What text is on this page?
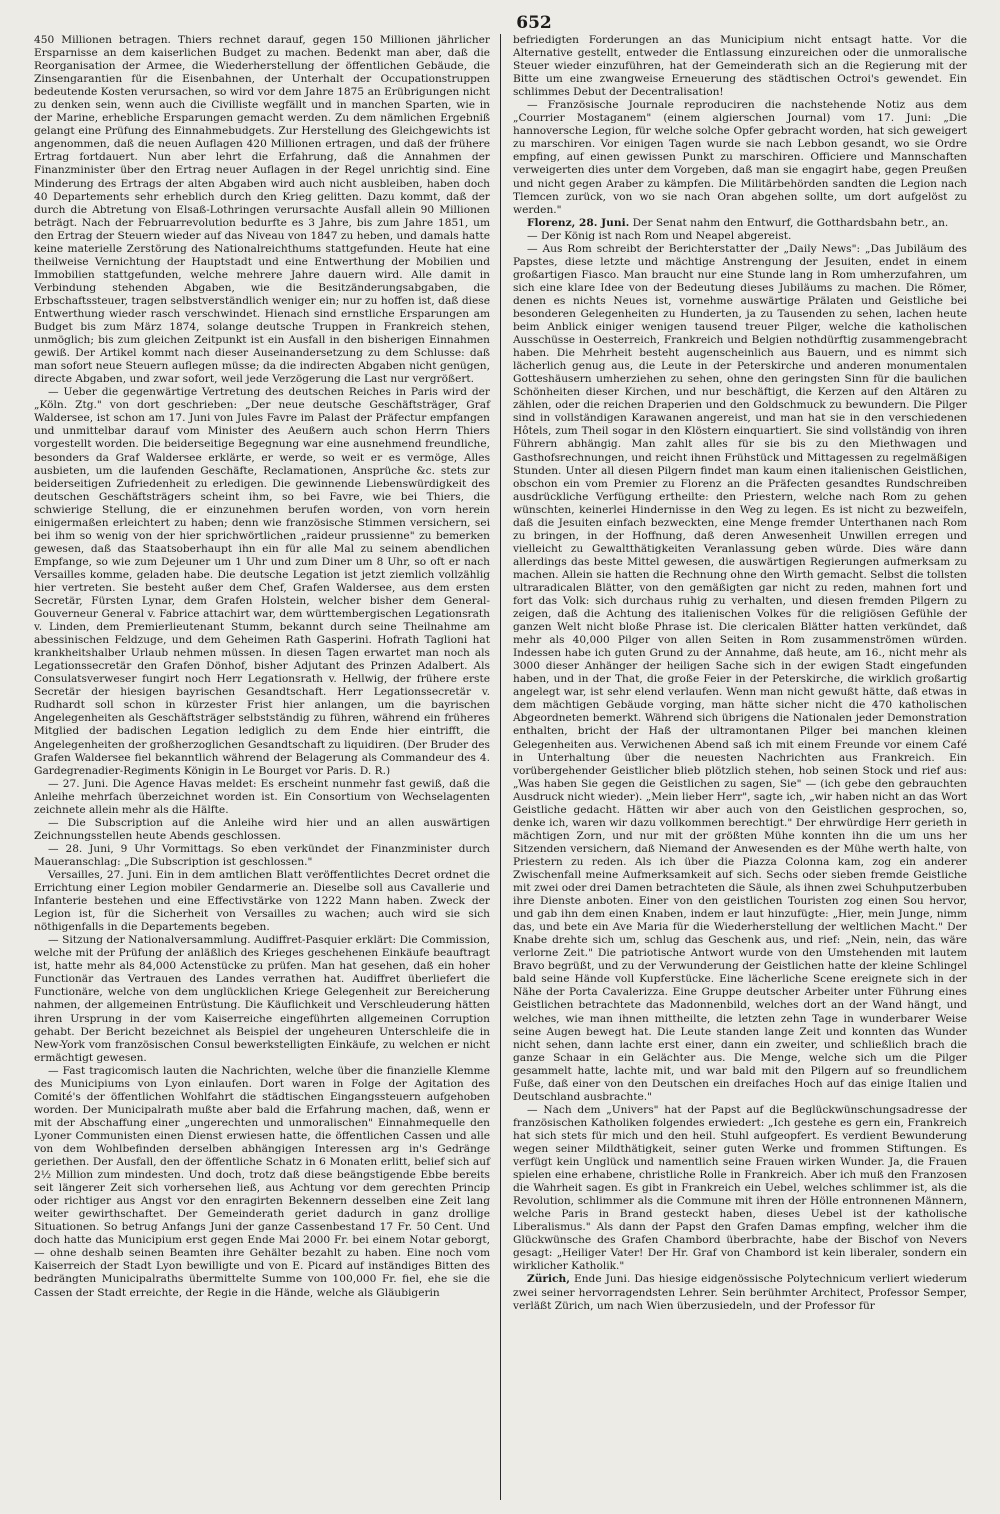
652

450 Millionen betragen. Thiers rechnet darauf, gegen 150 Millionen jährlicher Ersparnisse an dem kaiserlichen Budget zu machen. Bedenkt man aber, daß die Reorganisation der Armee, die Wiederherstellung der öffentlichen Gebäude, die Zinsengarantien für die Eisenbahnen, der Unterhalt der Occupationstruppen bedeutende Kosten verursachen, so wird vor dem Jahre 1875 an Erübrigungen nicht zu denken sein, wenn auch die Civilliste wegfällt und in manchen Sparten, wie in der Marine, erhebliche Ersparungen gemacht werden. Zu dem nämlichen Ergebniß gelangt eine Prüfung des Einnahmebudgets. Zur Herstellung des Gleichgewichts ist angenommen, daß die neuen Auflagen 420 Millionen ertragen, und daß der frühere Ertrag fortdauert. Nun aber lehrt die Erfahrung, daß die Annahmen der Finanzminister über den Ertrag neuer Auflagen in der Regel unrichtig sind. Eine Minderung des Ertrags der alten Abgaben wird auch nicht ausbleiben, haben doch 40 Departements sehr erheblich durch den Krieg gelitten. Dazu kommt, daß der durch die Abtretung von Elsaß-Lothringen verursachte Ausfall allein 90 Millionen beträgt. Nach der Februarrevolution bedurfte es 3 Jahre, bis zum Jahre 1851, um den Ertrag der Steuern wieder auf das Niveau von 1847 zu heben, und damals hatte keine materielle Zerstörung des Nationalreichthums stattgefunden. Heute hat eine theilweise Vernichtung der Hauptstadt und eine Entwerthung der Mobilien und Immobilien stattgefunden, welche mehrere Jahre dauern wird. Alle damit in Verbindung stehenden Abgaben, wie die Besitzänderungsabgaben, die Erbschaftssteuer, tragen selbstverständlich weniger ein; nur zu hoffen ist, daß diese Entwerthung wieder rasch verschwindet. Hienach sind ernstliche Ersparungen am Budget bis zum März 1874, solange deutsche Truppen in Frankreich stehen, unmöglich; bis zum gleichen Zeitpunkt ist ein Ausfall in den bisherigen Einnahmen gewiß. Der Artikel kommt nach dieser Auseinandersetzung zu dem Schlusse: daß man sofort neue Steuern auflegen müsse; da die indirecten Abgaben nicht genügen, directe Abgaben, und zwar sofort, weil jede Verzögerung die Last nur vergrößert.

— Ueber die gegenwärtige Vertretung des deutschen Reiches in Paris wird der „Köln. Ztg." von dort geschrieben: „Der neue deutsche Geschäftsträger, Graf Waldersee, ist schon am 17. Juni von Jules Favre im Palast der Präfectur empfangen und unmittelbar darauf vom Minister des Aeußern auch schon Herrn Thiers vorgestellt worden. Die beiderseitige Begegnung war eine ausnehmend freundliche, besonders da Graf Waldersee erklärte, er werde, so weit er es vermöge, Alles ausbieten, um die laufenden Geschäfte, Reclamationen, Ansprüche &c. stets zur beiderseitigen Zufriedenheit zu erledigen. Die gewinnende Liebenswürdigkeit des deutschen Geschäftsträgers scheint ihm, so bei Favre, wie bei Thiers, die schwierige Stellung, die er einzunehmen berufen worden, von vorn herein einigermaßen erleichtert zu haben; denn wie französische Stimmen versichern, sei bei ihm so wenig von der hier sprichwörtlichen „raideur prussienne" zu bemerken gewesen, daß das Staatsoberhaupt ihn ein für alle Mal zu seinem abendlichen Empfange, so wie zum Dejeuner um 1 Uhr und zum Diner um 8 Uhr, so oft er nach Versailles komme, geladen habe. Die deutsche Legation ist jetzt ziemlich vollzählig hier vertreten. Sie besteht außer dem Chef, Grafen Waldersee, aus dem ersten Secretär, Fürsten Lynar, dem Grafen Holstein, welcher bisher dem General-Gouverneur General v. Fabrice attachirt war, dem württembergischen Legationsrath v. Linden, dem Premierlieutenant Stumm, bekannt durch seine Theilnahme am abessinischen Feldzuge, und dem Geheimen Rath Gasperini. Hofrath Taglioni hat krankheitshalber Urlaub nehmen müssen. In diesen Tagen erwartet man noch als Legationssecretär den Grafen Dönhof, bisher Adjutant des Prinzen Adalbert. Als Consulatsverweser fungirt noch Herr Legationsrath v. Hellwig, der frühere erste Secretär der hiesigen bayrischen Gesandtschaft. Herr Legationssecretär v. Rudhardt soll schon in kürzester Frist hier anlangen, um die bayrischen Angelegenheiten als Geschäftsträger selbstständig zu führen, während ein früheres Mitglied der badischen Legation lediglich zu dem Ende hier eintrifft, die Angelegenheiten der großherzoglichen Gesandtschaft zu liquidiren. (Der Bruder des Grafen Waldersee fiel bekanntlich während der Belagerung als Commandeur des 4. Gardegrenadier-Regiments Königin in Le Bourget vor Paris. D. R.)

— 27. Juni. Die Agence Havas meldet: Es erscheint nunmehr fast gewiß, daß die Anleihe mehrfach überzeichnet worden ist. Ein Consortium von Wechselagenten zeichnete allein mehr als die Hälfte.

— Die Subscription auf die Anleihe wird hier und an allen auswärtigen Zeichnungsstellen heute Abends geschlossen.

— 28. Juni, 9 Uhr Vormittags. So eben verkündet der Finanzminister durch Maueranschlag: „Die Subscription ist geschlossen."

Versailles, 27. Juni. Ein in dem amtlichen Blatt veröffentlichtes Decret ordnet die Errichtung einer Legion mobiler Gendarmerie an. Dieselbe soll aus Cavallerie und Infanterie bestehen und eine Effectivstärke von 1222 Mann haben. Zweck der Legion ist, für die Sicherheit von Versailles zu wachen; auch wird sie sich nöthigenfalls in die Departements begeben.

— Sitzung der Nationalversammlung. Audiffret-Pasquier erklärt: Die Commission, welche mit der Prüfung der anläßlich des Krieges geschehenen Einkäufe beauftragt ist, hatte mehr als 84,000 Actenstücke zu prüfen. Man hat gesehen, daß ein hoher Functionär das Vertrauen des Landes verrathen hat. Audiffret überliefert die Functionäre, welche von dem unglücklichen Kriege Gelegenheit zur Bereicherung nahmen, der allgemeinen Entrüstung. Die Käuflichkeit und Verschleuderung hätten ihren Ursprung in der vom Kaiserreiche eingeführten allgemeinen Corruption gehabt. Der Bericht bezeichnet als Beispiel der ungeheuren Unterschleife die in New-York vom französischen Consul bewerkstelligten Einkäufe, zu welchen er nicht ermächtigt gewesen.

— Fast tragicomisch lauten die Nachrichten, welche über die finanzielle Klemme des Municipiums von Lyon einlaufen. Dort waren in Folge der Agitation des Comité's der öffentlichen Wohlfahrt die städtischen Eingangssteuern aufgehoben worden. Der Municipalrath mußte aber bald die Erfahrung machen, daß, wenn er mit der Abschaffung einer „ungerechten und unmoralischen" Einnahmequelle den Lyoner Communisten einen Dienst erwiesen hatte, die öffentlichen Cassen und alle von dem Wohlbefinden derselben abhängigen Interessen arg in's Gedränge geriethen. Der Ausfall, den der öffentliche Schatz in 6 Monaten erlitt, belief sich auf 2½ Million zum mindesten. Und doch, trotz daß diese beängstigende Ebbe bereits seit längerer Zeit sich vorhersehen ließ, aus Achtung vor dem gerechten Princip oder richtiger aus Angst vor den enragirten Bekennern desselben eine Zeit lang weiter gewirthschaftet. Der Gemeinderath geriet dadurch in ganz drollige Situationen. So betrug Anfangs Juni der ganze Cassenbestand 17 Fr. 50 Cent. Und doch hatte das Municipium erst gegen Ende Mai 2000 Fr. bei einem Notar geborgt, — ohne deshalb seinen Beamten ihre Gehälter bezahlt zu haben. Eine noch vom Kaiserreich der Stadt Lyon bewilligte und von E. Picard auf inständiges Bitten des bedrängten Municipalraths übermittelte Summe von 100,000 Fr. fiel, ehe sie die Cassen der Stadt erreichte, der Regie in die Hände, welche als Gläubigerin

befriedigten Forderungen an das Municipium nicht entsagt hatte. Vor die Alternative gestellt, entweder die Entlassung einzureichen oder die unmoralische Steuer wieder einzuführen, hat der Gemeinderath sich an die Regierung mit der Bitte um eine zwangweise Erneuerung des städtischen Octroi's gewendet. Ein schlimmes Debut der Decentralisation!

— Französische Journale reproduciren die nachstehende Notiz aus dem „Courrier Mostaganem" (einem algierschen Journal) vom 17. Juni: „Die hannoversche Legion, für welche solche Opfer gebracht worden, hat sich geweigert zu marschiren. Vor einigen Tagen wurde sie nach Lebbon gesandt, wo sie Ordre empfing, auf einen gewissen Punkt zu marschiren. Officiere und Mannschaften verweigerten dies unter dem Vorgeben, daß man sie engagirt habe, gegen Preußen und nicht gegen Araber zu kämpfen. Die Militärbehörden sandten die Legion nach Tlemcen zurück, von wo sie nach Oran abgehen sollte, um dort aufgelöst zu werden."

Florenz, 28. Juni. Der Senat nahm den Entwurf, die Gotthardsbahn betr., an.

— Der König ist nach Rom und Neapel abgereist.

— Aus Rom schreibt der Berichterstatter der „Daily News": „Das Jubiläum des Papstes, diese letzte und mächtige Anstrengung der Jesuiten, endet in einem großartigen Fiasco. Man braucht nur eine Stunde lang in Rom umherzufahren, um sich eine klare Idee von der Bedeutung dieses Jubiläums zu machen. Die Römer, denen es nichts Neues ist, vornehme auswärtige Prälaten und Geistliche bei besonderen Gelegenheiten zu Hunderten, ja zu Tausenden zu sehen, lachen heute beim Anblick einiger wenigen tausend treuer Pilger, welche die katholischen Ausschüsse in Oesterreich, Frankreich und Belgien nothdürftig zusammengebracht haben. Die Mehrheit besteht augenscheinlich aus Bauern, und es nimmt sich lächerlich genug aus, die Leute in der Peterskirche und anderen monumentalen Gotteshäusern umherziehen zu sehen, ohne den geringsten Sinn für die baulichen Schönheiten dieser Kirchen, und nur beschäftigt, die Kerzen auf den Altären zu zählen, oder die reichen Draperien und den Goldschmuck zu bewundern. Die Pilger sind in vollständigen Karawanen angereist, und man hat sie in den verschiedenen Hôtels, zum Theil sogar in den Klöstern einquartiert. Sie sind vollständig von ihren Führern abhängig. Man zahlt alles für sie bis zu den Miethwagen und Gasthofsrechnungen, und reicht ihnen Frühstück und Mittagessen zu regelmäßigen Stunden. Unter all diesen Pilgern findet man kaum einen italienischen Geistlichen, obschon ein vom Premier zu Florenz an die Präfecten gesandtes Rundschreiben ausdrückliche Verfügung ertheilte: den Priestern, welche nach Rom zu gehen wünschten, keinerlei Hindernisse in den Weg zu legen. Es ist nicht zu bezweifeln, daß die Jesuiten einfach bezweckten, eine Menge fremder Unterthanen nach Rom zu bringen, in der Hoffnung, daß deren Anwesenheit Unwillen erregen und vielleicht zu Gewaltthätigkeiten Veranlassung geben würde. Dies wäre dann allerdings das beste Mittel gewesen, die auswärtigen Regierungen aufmerksam zu machen. Allein sie hatten die Rechnung ohne den Wirth gemacht. Selbst die tollsten ultraradicalen Blätter, von den gemäßigten gar nicht zu reden, mahnen fort und fort das Volk: sich durchaus ruhig zu verhalten, und diesen fremden Pilgern zu zeigen, daß die Achtung des italienischen Volkes für die religiösen Gefühle der ganzen Welt nicht bloße Phrase ist. Die clericalen Blätter hatten verkündet, daß mehr als 40,000 Pilger von allen Seiten in Rom zusammenströmen würden. Indessen habe ich guten Grund zu der Annahme, daß heute, am 16., nicht mehr als 3000 dieser Anhänger der heiligen Sache sich in der ewigen Stadt eingefunden haben, und in der That, die große Feier in der Peterskirche, die wirklich großartig angelegt war, ist sehr elend verlaufen. Wenn man nicht gewußt hätte, daß etwas in dem mächtigen Gebäude vorging, man hätte sicher nicht die 470 katholischen Abgeordneten bemerkt. Während sich übrigens die Nationalen jeder Demonstration enthalten, bricht der Haß der ultramontanen Pilger bei manchen kleinen Gelegenheiten aus. Verwichenen Abend saß ich mit einem Freunde vor einem Café in Unterhaltung über die neuesten Nachrichten aus Frankreich. Ein vorübergehender Geistlicher blieb plötzlich stehen, hob seinen Stock und rief aus: „Was haben Sie gegen die Geistlichen zu sagen, Sie" — (ich gebe den gebrauchten Ausdruck nicht wieder). „Mein lieber Herr", sagte ich, „wir haben nicht an das Wort Geistliche gedacht. Hätten wir aber auch von den Geistlichen gesprochen, so, denke ich, waren wir dazu vollkommen berechtigt." Der ehrwürdige Herr gerieth in mächtigen Zorn, und nur mit der größten Mühe konnten ihn die um uns her Sitzenden versichern, daß Niemand der Anwesenden es der Mühe werth halte, von Priestern zu reden. Als ich über die Piazza Colonna kam, zog ein anderer Zwischenfall meine Aufmerksamkeit auf sich. Sechs oder sieben fremde Geistliche mit zwei oder drei Damen betrachteten die Säule, als ihnen zwei Schuhputzerbuben ihre Dienste anboten. Einer von den geistlichen Touristen zog einen Sou hervor, und gab ihn dem einen Knaben, indem er laut hinzufügte: „Hier, mein Junge, nimm das, und bete ein Ave Maria für die Wiederherstellung der weltlichen Macht." Der Knabe drehte sich um, schlug das Geschenk aus, und rief: „Nein, nein, das wäre verlorne Zeit." Die patriotische Antwort wurde von den Umstehenden mit lautem Bravo begrüßt, und zu der Verwunderung der Geistlichen hatte der kleine Schlingel bald seine Hände voll Kupferstücke. Eine lächerliche Scene ereignete sich in der Nähe der Porta Cavalerizza. Eine Gruppe deutscher Arbeiter unter Führung eines Geistlichen betrachtete das Madonnenbild, welches dort an der Wand hängt, und welches, wie man ihnen mittheilte, die letzten zehn Tage in wunderbarer Weise seine Augen bewegt hat. Die Leute standen lange Zeit und konnten das Wunder nicht sehen, dann lachte erst einer, dann ein zweiter, und schließlich brach die ganze Schaar in ein Gelächter aus. Die Menge, welche sich um die Pilger gesammelt hatte, lachte mit, und war bald mit den Pilgern auf so freundlichem Fuße, daß einer von den Deutschen ein dreifaches Hoch auf das einige Italien und Deutschland ausbrachte."

— Nach dem „Univers" hat der Papst auf die Beglückwünschungsadresse der französischen Katholiken folgendes erwiedert: „Ich gestehe es gern ein, Frankreich hat sich stets für mich und den heil. Stuhl aufgeopfert. Es verdient Bewunderung wegen seiner Mildthätigkeit, seiner guten Werke und frommen Stiftungen. Es verfügt kein Unglück und namentlich seine Frauen wirken Wunder. Ja, die Frauen spielen eine erhabene, christliche Rolle in Frankreich. Aber ich muß den Franzosen die Wahrheit sagen. Es gibt in Frankreich ein Uebel, welches schlimmer ist, als die Revolution, schlimmer als die Commune mit ihren der Hölle entronnenen Männern, welche Paris in Brand gesteckt haben, dieses Uebel ist der katholische Liberalismus." Als dann der Papst den Grafen Damas empfing, welcher ihm die Glückwünsche des Grafen Chambord überbrachte, habe der Bischof von Nevers gesagt: „Heiliger Vater! Der Hr. Graf von Chambord ist kein liberaler, sondern ein wirklicher Katholik."

Zürich, Ende Juni. Das hiesige eidgenössische Polytechnicum verliert wiederum zwei seiner hervorragendsten Lehrer. Sein berühmter Architect, Professor Semper, verläßt Zürich, um nach Wien überzusiedeln, und der Professor für
